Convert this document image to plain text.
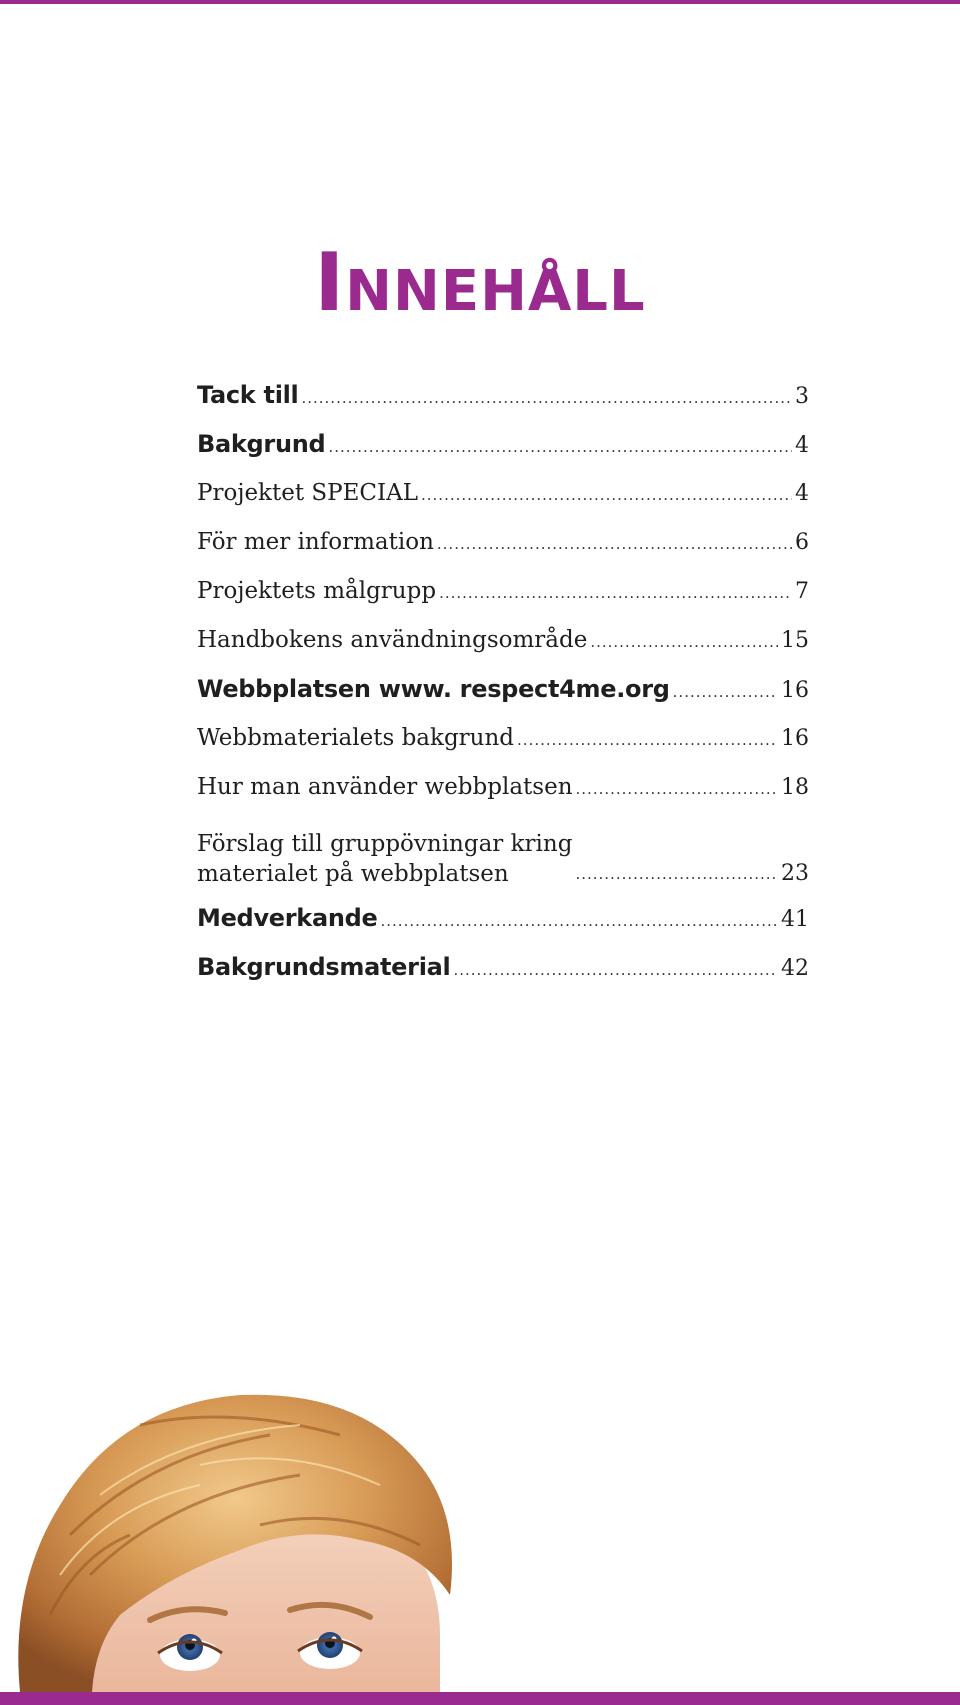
Innehåll
Tack till .....	3
Bakgrund .....	4
Projektet SPECIAL .....	4
För mer information .....	6
Projektets målgrupp .....	7
Handbokens användningsområde .....	15
Webbplatsen www. respect4me.org .....	16
Webbmaterialets bakgrund .....	16
Hur man använder webbplatsen .....	18
Förslag till gruppövningar kring
materialet på webbplatsen .....	23
Medverkande .....	41
Bakgrundsmaterial .....	42
